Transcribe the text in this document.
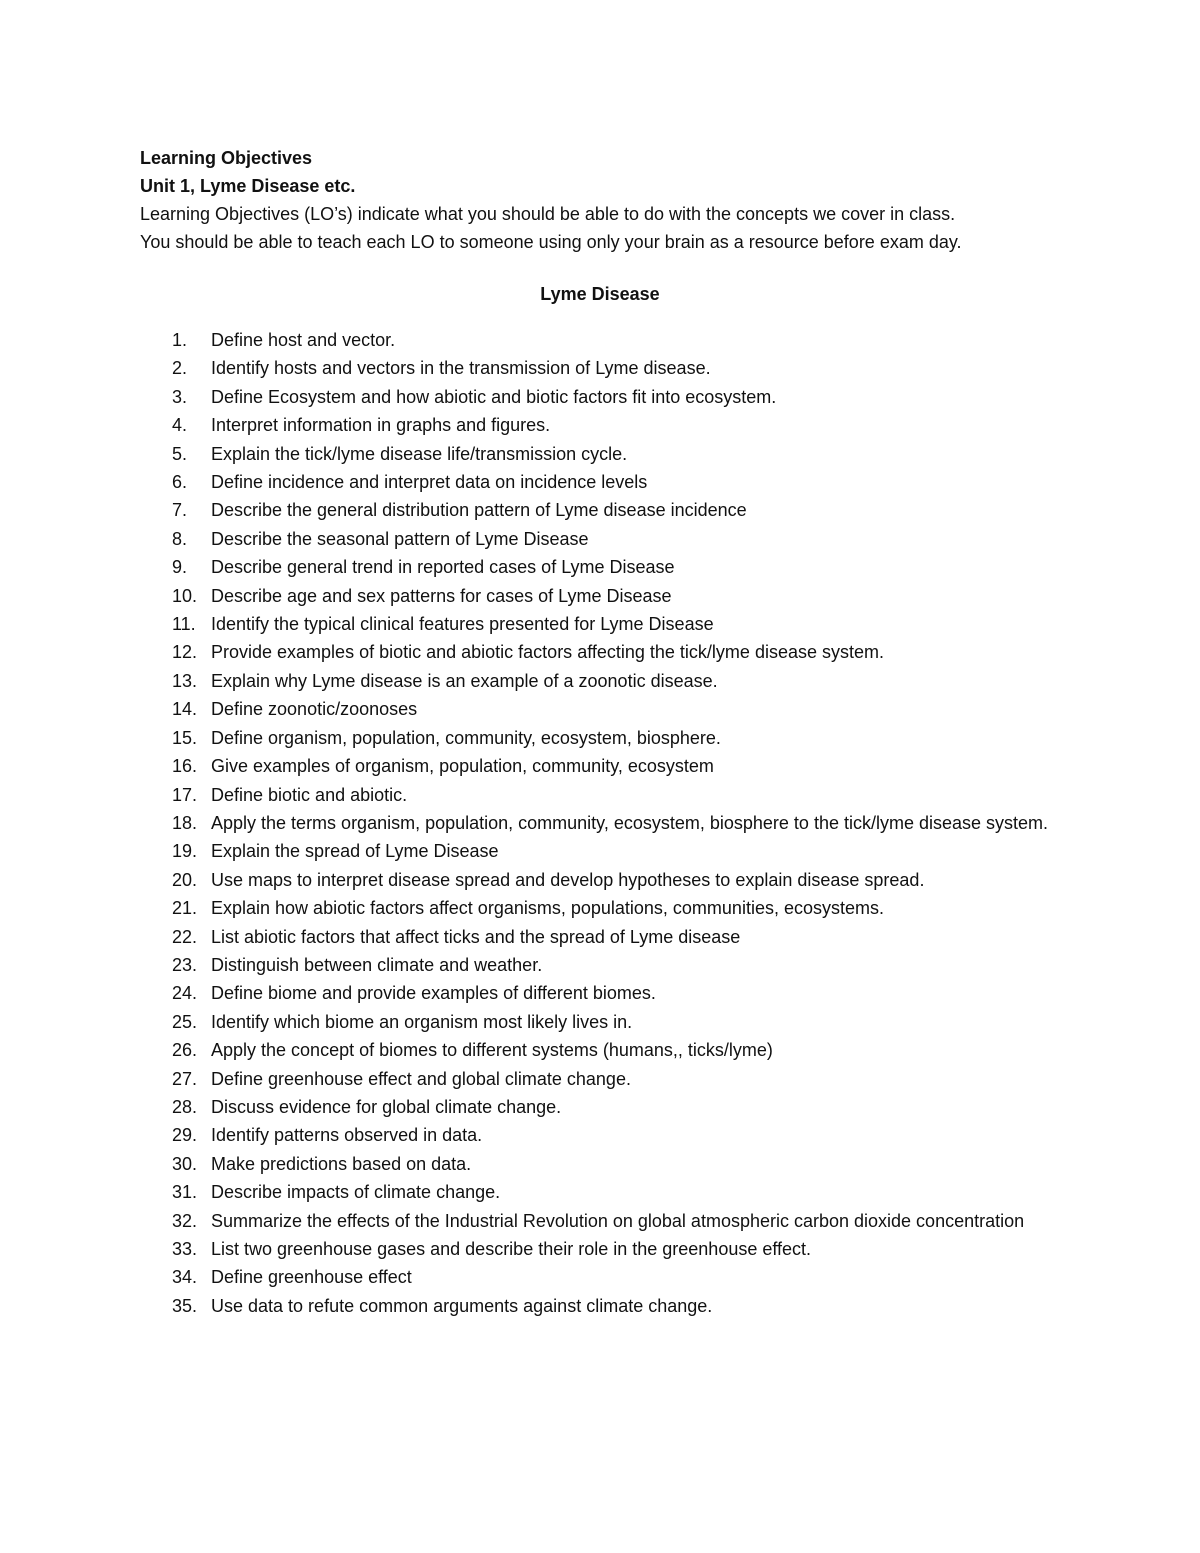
Learning Objectives
Unit 1, Lyme Disease etc.
Learning Objectives (LO’s) indicate what you should be able to do with the concepts we cover in class.
You should be able to teach each LO to someone using only your brain as a resource before exam day.
Lyme Disease
1.	Define host and vector.
2.	Identify hosts and vectors in the transmission of Lyme disease.
3.	Define Ecosystem and how abiotic and biotic factors fit into ecosystem.
4.	Interpret information in graphs and figures.
5.	Explain the tick/lyme disease life/transmission cycle.
6.	Define incidence and interpret data on incidence levels
7.	Describe the general distribution pattern of Lyme disease incidence
8.	Describe the seasonal pattern of Lyme Disease
9.	Describe general trend in reported cases of Lyme Disease
10. Describe age and sex patterns for cases of Lyme Disease
11. Identify the typical clinical features presented for Lyme Disease
12. Provide examples of biotic and abiotic factors affecting the tick/lyme disease system.
13. Explain why Lyme disease is an example of a zoonotic disease.
14. Define zoonotic/zoonoses
15. Define organism, population, community, ecosystem, biosphere.
16. Give examples of organism, population, community, ecosystem
17. Define biotic and abiotic.
18. Apply the terms organism, population, community, ecosystem, biosphere to the tick/lyme disease system.
19. Explain the spread of Lyme Disease
20. Use maps to interpret disease spread and develop hypotheses to explain disease spread.
21. Explain how abiotic factors affect organisms, populations, communities, ecosystems.
22. List abiotic factors that affect ticks and the spread of Lyme disease
23. Distinguish between climate and weather.
24. Define biome and provide examples of different biomes.
25. Identify which biome an organism most likely lives in.
26. Apply the concept of biomes to different systems (humans,, ticks/lyme)
27. Define greenhouse effect and global climate change.
28. Discuss evidence for global climate change.
29. Identify patterns observed in data.
30. Make predictions based on data.
31. Describe impacts of climate change.
32. Summarize the effects of the Industrial Revolution on global atmospheric carbon dioxide concentration
33. List two greenhouse gases and describe their role in the greenhouse effect.
34. Define greenhouse effect
35. Use data to refute common arguments against climate change.
